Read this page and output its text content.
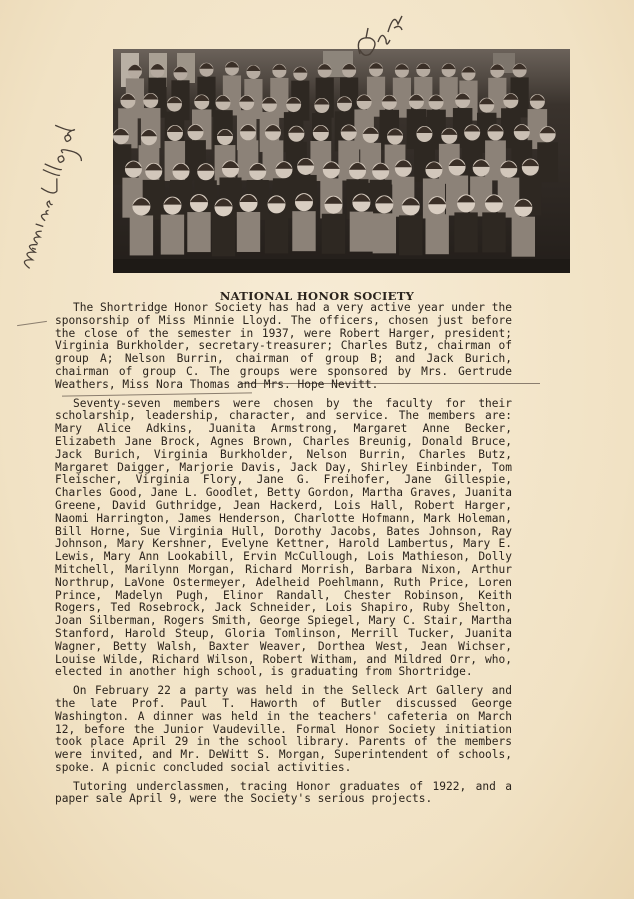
NATIONAL HONOR SOCIETY

The Shortridge Honor Society has had a very active year under the sponsorship of Miss Minnie Lloyd. The officers, chosen just before the close of the semester in 1937, were Robert Harger, president; Virginia Burkholder, secretary-treasurer; Charles Butz, chairman of group A; Nelson Burrin, chairman of group B; and Jack Burich, chairman of group C. The groups were sponsored by Mrs. Gertrude Weathers, Miss Nora Thomas and Mrs. Hope Nevitt.

Seventy-seven members were chosen by the faculty for their scholarship, leadership, character, and service. The members are: Mary Alice Adkins, Juanita Armstrong, Margaret Anne Becker, Elizabeth Jane Brock, Agnes Brown, Charles Breunig, Donald Bruce, Jack Burich, Virginia Burkholder, Nelson Burrin, Charles Butz, Margaret Daigger, Marjorie Davis, Jack Day, Shirley Einbinder, Tom Fleischer, Virginia Flory, Jane G. Freihofer, Jane Gillespie, Charles Good, Jane L. Goodlet, Betty Gordon, Martha Graves, Juanita Greene, David Guthridge, Jean Hackerd, Lois Hall, Robert Harger, Naomi Harrington, James Henderson, Charlotte Hofmann, Mark Holeman, Bill Horne, Sue Virginia Hull, Dorothy Jacobs, Bates Johnson, Ray Johnson, Mary Kershner, Evelyne Kettner, Harold Lambertus, Mary E. Lewis, Mary Ann Lookabill, Ervin McCullough, Lois Mathieson, Dolly Mitchell, Marilynn Morgan, Richard Morrish, Barbara Nixon, Arthur Northrup, LaVone Ostermeyer, Adelheid Poehlmann, Ruth Price, Loren Prince, Madelyn Pugh, Elinor Randall, Chester Robinson, Keith Rogers, Ted Rosebrock, Jack Schneider, Lois Shapiro, Ruby Shelton, Joan Silberman, Rogers Smith, George Spiegel, Mary C. Stair, Martha Stanford, Harold Steup, Gloria Tomlinson, Merrill Tucker, Juanita Wagner, Betty Walsh, Baxter Weaver, Dorthea West, Jean Wichser, Louise Wilde, Richard Wilson, Robert Witham, and Mildred Orr, who, elected in another high school, is graduating from Shortridge.

On February 22 a party was held in the Selleck Art Gallery and the late Prof. Paul T. Haworth of Butler discussed George Washington. A dinner was held in the teachers' cafeteria on March 12, before the Junior Vaudeville. Formal Honor Society initiation took place April 29 in the school library. Parents of the members were invited, and Mr. DeWitt S. Morgan, Superintendent of schools, spoke. A picnic concluded social activities.

Tutoring underclassmen, tracing Honor graduates of 1922, and a paper sale April 9, were the Society's serious projects.
